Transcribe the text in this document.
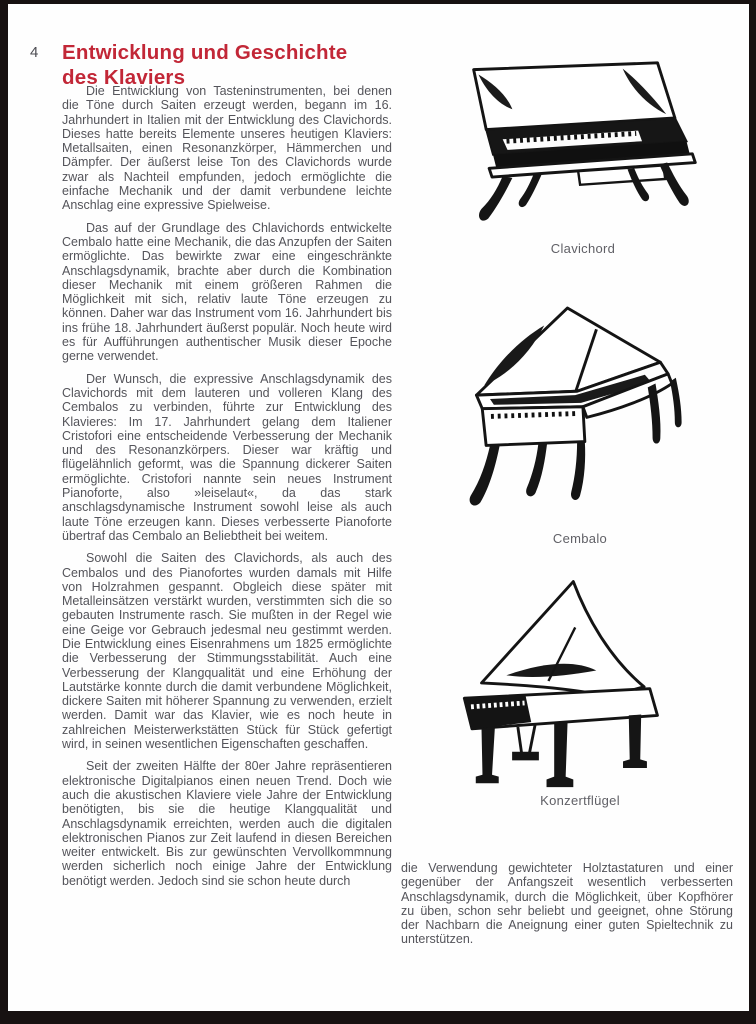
4 Entwicklung und Geschichte
des Klaviers

Die Entwicklung von Tasteninstrumenten, bei denen die Töne durch Saiten erzeugt werden, begann im 16. Jahrhundert in Italien mit der Entwicklung des Clavichords. Dieses hatte bereits Elemente unseres heutigen Klaviers: Metallsaiten, einen Resonanzkörper, Hämmerchen und Dämpfer. Der äußerst leise Ton des Clavichords wurde zwar als Nachteil empfunden, jedoch ermöglichte die einfache Mechanik und der damit verbundene leichte Anschlag eine expressive Spielweise.

Das auf der Grundlage des Chlavichords entwickelte Cembalo hatte eine Mechanik, die das Anzupfen der Saiten ermöglichte. Das bewirkte zwar eine eingeschränkte Anschlagsdynamik, brachte aber durch die Kombination dieser Mechanik mit einem größeren Rahmen die Möglichkeit mit sich, relativ laute Töne erzeugen zu können. Daher war das Instrument vom 16. Jahrhundert bis ins frühe 18. Jahrhundert äußerst populär. Noch heute wird es für Aufführungen authentischer Musik dieser Epoche gerne verwendet.

Der Wunsch, die expressive Anschlagsdynamik des Clavichords mit dem lauteren und volleren Klang des Cembalos zu verbinden, führte zur Entwicklung des Klavieres: Im 17. Jahrhundert gelang dem Italiener Cristofori eine entscheidende Verbesserung der Mechanik und des Resonanzkörpers. Dieser war kräftig und flügelähnlich geformt, was die Spannung dickerer Saiten ermöglichte. Cristofori nannte sein neues Instrument Pianoforte, also »leiselaut«, da das stark anschlagsdynamische Instrument sowohl leise als auch laute Töne erzeugen kann. Dieses verbesserte Pianoforte übertraf das Cembalo an Beliebtheit bei weitem.

Sowohl die Saiten des Clavichords, als auch des Cembalos und des Pianofortes wurden damals mit Hilfe von Holzrahmen gespannt. Obgleich diese später mit Metalleinsätzen verstärkt wurden, verstimmten sich die so gebauten Instrumente rasch. Sie mußten in der Regel wie eine Geige vor Gebrauch jedesmal neu gestimmt werden. Die Entwicklung eines Eisenrahmens um 1825 ermöglichte die Verbesserung der Stimmungsstabilität. Auch eine Verbesserung der Klangqualität und eine Erhöhung der Lautstärke konnte durch die damit verbundene Möglichkeit, dickere Saiten mit höherer Spannung zu verwenden, erzielt werden. Damit war das Klavier, wie es noch heute in zahlreichen Meisterwerkstätten Stück für Stück gefertigt wird, in seinen wesentlichen Eigenschaften geschaffen.

Seit der zweiten Hälfte der 80er Jahre repräsentieren elektronische Digitalpianos einen neuen Trend. Doch wie auch die akustischen Klaviere viele Jahre der Entwicklung benötigten, bis sie die heutige Klangqualität und Anschlagsdynamik erreichten, werden auch die digitalen elektronischen Pianos zur Zeit laufend in diesen Bereichen weiter entwickelt. Bis zur gewünschten Vervollkommnung werden sicherlich noch einige Jahre der Entwicklung benötigt werden. Jedoch sind sie schon heute durch

Clavichord
Cembalo
Konzertflügel

die Verwendung gewichteter Holztastaturen und einer gegenüber der Anfangszeit wesentlich verbesserten Anschlagsdynamik, durch die Möglichkeit, über Kopfhörer zu üben, schon sehr beliebt und geeignet, ohne Störung der Nachbarn die Aneignung einer guten Spieltechnik zu unterstützen.
